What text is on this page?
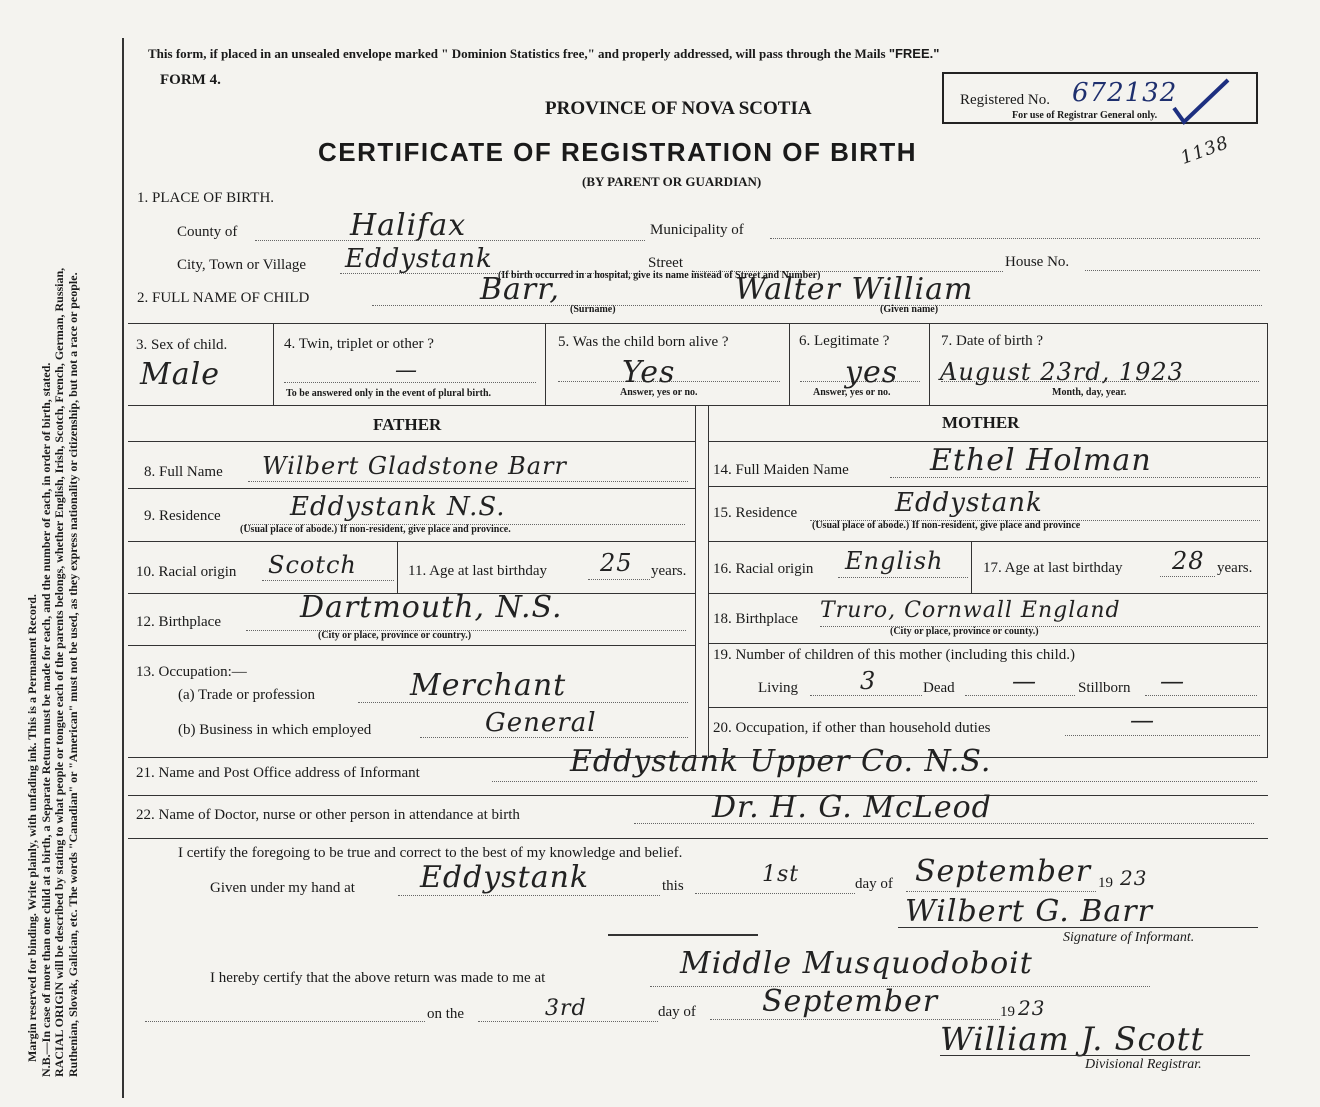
Margin reserved for binding. Write plainly, with unfading ink. This is a Permanent Record. N.B.—In case of more than one child at a birth, a Separate Return must be made for each, and the number of each, in order of birth, stated. RACIAL ORIGIN will be described by stating to what people or tongue each of the parents belongs, whether English, Irish, Scotch, French, German, Russian, Ruthenian, Slovak, Galician, etc. The words "Canadian" or "American" must not be used, as they express nationality or citizenship, but not a race or people.
This form, if placed in an unsealed envelope marked " Dominion Statistics free," and properly addressed, will pass through the Mails "FREE."
FORM 4.
PROVINCE OF NOVA SCOTIA
CERTIFICATE OF REGISTRATION OF BIRTH
(BY PARENT OR GUARDIAN)
Registered No. 672132
For use of Registrar General only.
1138
1. PLACE OF BIRTH.
County of	Halifax	Municipality of
City, Town or Village Eddystank	Street	House No.
(If birth occurred in a hospital, give its name instead of Street and Number)
2. FULL NAME OF CHILD	Barr,	Walter William
(Surname)	(Given name)
3. Sex of child.
Male
4. Twin, triplet or other ?
—
To be answered only in the event of plural birth.
5. Was the child born alive ?
Yes
Answer, yes or no.
6. Legitimate ?
yes
Answer, yes or no.
7. Date of birth ?
August 23rd, 1923
Month, day, year.
FATHER	MOTHER
8. Full Name Wilbert Gladstone Barr
9. Residence	Eddystank N.S.
(Usual place of abode.) If non-resident, give place and province.
10. Racial origin Scotch	11. Age at last birthday 25 years.
12. Birthplace	Dartmouth, N.S.
(City or place, province or country.)
13. Occupation:—
(a) Trade or profession	Merchant
(b) Business in which employed	General
14. Full Maiden Name	Ethel Holman
15. Residence	Eddystank
(Usual place of abode.) If non-resident, give place and province
16. Racial origin English	17. Age at last birthday 28 years.
18. Birthplace Truro, Cornwall England
(City or place, province or county.)
19. Number of children of this mother (including this child.)
Living	3	Dead —	Stillborn —
20. Occupation, if other than household duties	—
21. Name and Post Office address of Informant	Eddystank Upper Co. N.S.
22. Name of Doctor, nurse or other person in attendance at birth	Dr. H. G. McLeod
I certify the foregoing to be true and correct to the best of my knowledge and belief.
Given under my hand at Eddystank	this	1st	day of September 19 23
Wilbert G. Barr
Signature of Informant.
I hereby certify that the above return was made to me at	Middle Musquodoboit
on the	3rd	day of September	19 23
William J. Scott
Divisional Registrar.
